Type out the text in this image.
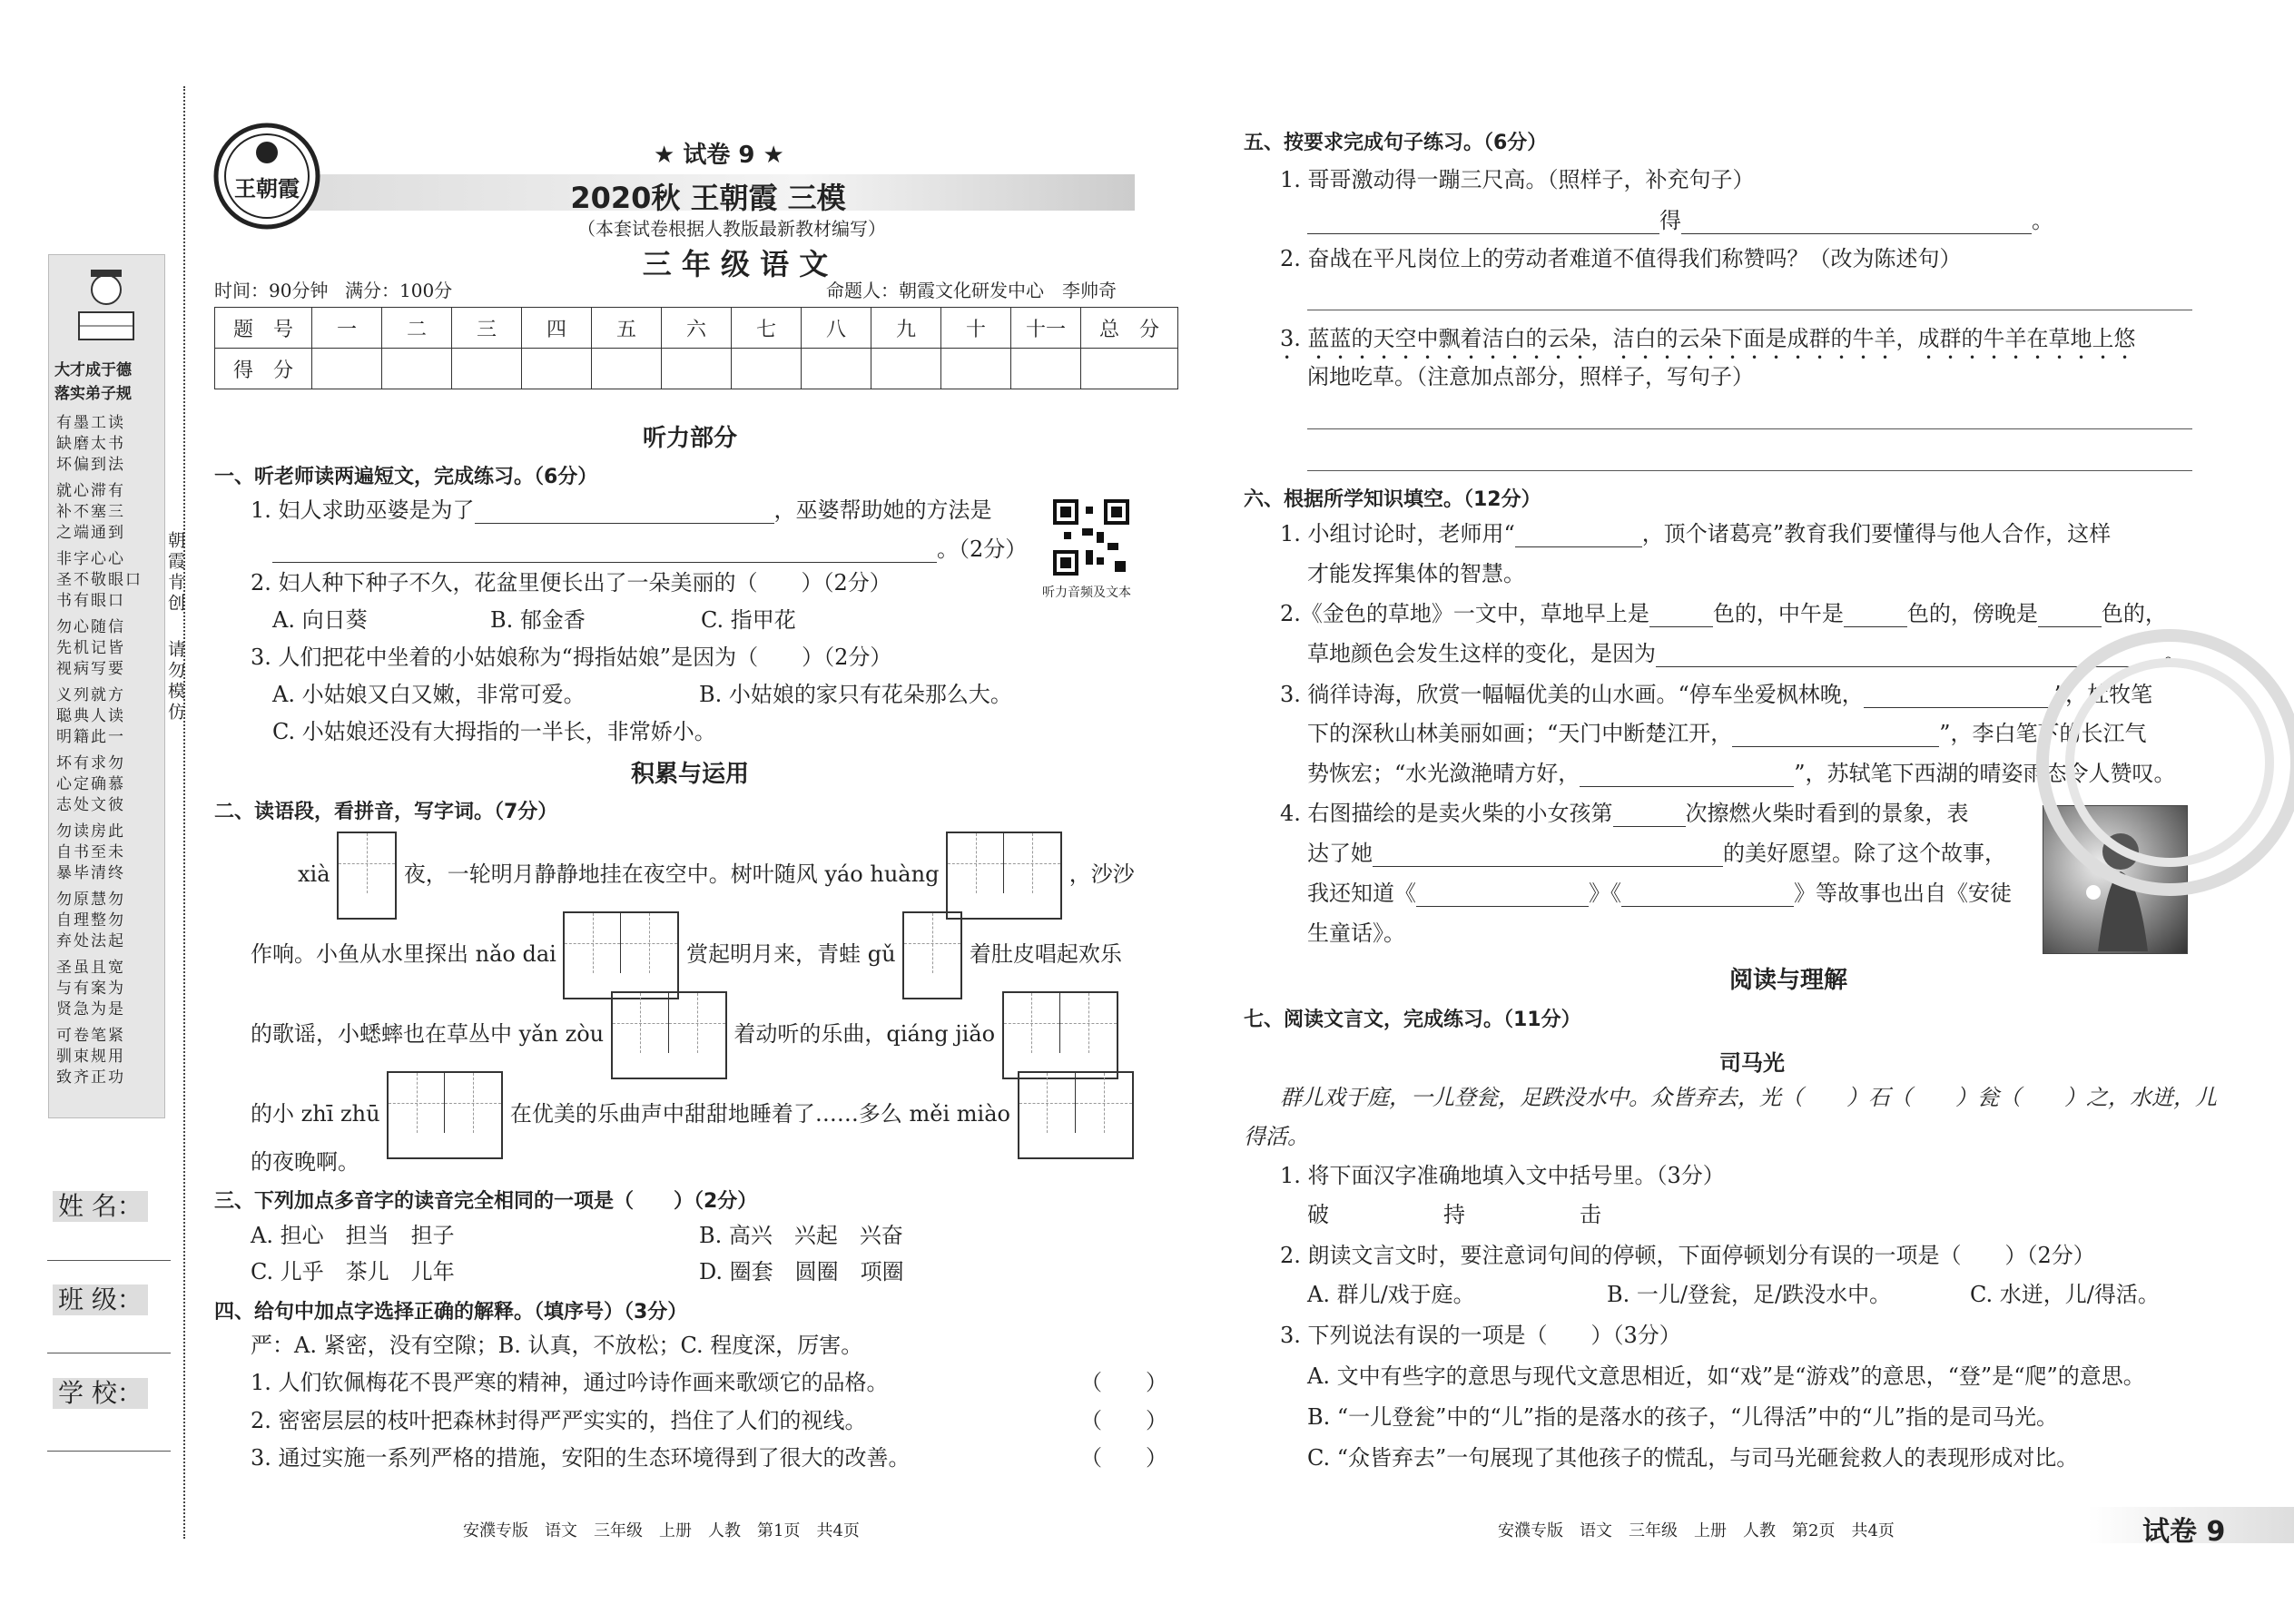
大才成于德
落实弟子规
有墨工读
缺磨太书
坏偏到法
就心滞有
补不塞三
之端通到
非字心心
圣不敬眼口
书有眼口
勿心随信
先机记皆
视病写要
义列就方
聪典人读
明籍此一
坏有求勿
心定确慕
志处文彼
勿读房此
自书至未
暴毕清终
勿原慧勿
自理整勿
弃处法起
圣虽且宽
与有案为
贤急为是
可卷笔紧
驯束规用
致齐正功
朝霞肯创
请勿模仿
姓 名：
班 级：
学 校：
王朝霞
★ 试卷 9 ★
2020秋 王朝霞 三模
（本套试卷根据人教版最新教材编写）
三 年 级 语 文
时间：90分钟 满分：100分	命题人：朝霞文化研发中心　李帅奇
题　号	一	二	三	四	五	六	七	八	九	十	十一	总　分
得　分												
听力部分
一、听老师读两遍短文，完成练习。（6分）
1. 妇人求助巫婆是为了	，巫婆帮助她的方法是
。（2分）
听力音频及文本
2. 妇人种下种子不久，花盆里便长出了一朵美丽的（　　）（2分）
A. 向日葵	B. 郁金香	C. 指甲花
3. 人们把花中坐着的小姑娘称为“拇指姑娘”是因为（　　）（2分）
A. 小姑娘又白又嫩，非常可爱。	B. 小姑娘的家只有花朵那么大。
C. 小姑娘还没有大拇指的一半长，非常娇小。
积累与运用
二、读语段，看拼音，写字词。（7分）
xià	夜，一轮明月静静地挂在夜空中。树叶随风 yáo huàng	，沙沙
作响。小鱼从水里探出 nǎo dai	赏起明月来，青蛙 gǔ	着肚皮唱起欢乐
的歌谣，小蟋蟀也在草丛中 yǎn zòu	着动听的乐曲，qiáng jiǎo
的小 zhī zhū	在优美的乐曲声中甜甜地睡着了……多么 měi miào
的夜晚啊。
三、下列加点多音字的读音完全相同的一项是（　　）（2分）
A. 担心　担当　担子	B. 高兴　兴起　兴奋
C. 儿乎　茶儿　儿年	D. 圈套　圆圈　项圈
四、给句中加点字选择正确的解释。（填序号）（3分）
严：A. 紧密，没有空隙；B. 认真，不放松；C. 程度深，厉害。
1. 人们钦佩梅花不畏严寒的精神，通过吟诗作画来歌颂它的品格。	（　　）
2. 密密层层的枝叶把森林封得严严实实的，挡住了人们的视线。	（　　）
3. 通过实施一系列严格的措施，安阳的生态环境得到了很大的改善。	（　　）
安濮专版　语文　三年级　上册　人教　第1页　共4页
五、按要求完成句子练习。（6分）
1. 哥哥激动得一蹦三尺高。（照样子，补充句子）
得	。
2. 奋战在平凡岗位上的劳动者难道不值得我们称赞吗？（改为陈述句）
3. 蓝蓝的天空中飘着洁白的云朵，洁白的云朵下面是成群的牛羊，成群的牛羊在草地上悠
闲地吃草。（注意加点部分，照样子，写句子）
六、根据所学知识填空。（12分）
1. 小组讨论时，老师用“	，顶个诸葛亮”教育我们要懂得与他人合作，这样
才能发挥集体的智慧。
2.《金色的草地》一文中，草地早上是	色的，中午是	色的，傍晚是	色的，
草地颜色会发生这样的变化，是因为	。
3. 徜徉诗海，欣赏一幅幅优美的山水画。“停车坐爱枫林晚，	”，杜牧笔
下的深秋山林美丽如画；“天门中断楚江开，	”，李白笔下的长江气
势恢宏；“水光潋滟晴方好，	”，苏轼笔下西湖的晴姿雨态令人赞叹。
4. 右图描绘的是卖火柴的小女孩第	次擦燃火柴时看到的景象，表
达了她	的美好愿望。除了这个故事，
我还知道《	》《	》等故事也出自《安徒
生童话》。
阅读与理解
七、阅读文言文，完成练习。（11分）
司马光
群儿戏于庭，一儿登瓮，足跌没水中。众皆弃去，光（　　）石（　　）瓮（　　）之，水迸，儿
得活。
1. 将下面汉字准确地填入文中括号里。（3分）
破	持	击
2. 朗读文言文时，要注意词句间的停顿，下面停顿划分有误的一项是（　　）（2分）
A. 群儿/戏于庭。	B. 一儿/登瓮，足/跌没水中。	C. 水迸，儿/得活。
3. 下列说法有误的一项是（　　）（3分）
A. 文中有些字的意思与现代文意思相近，如“戏”是“游戏”的意思，“登”是“爬”的意思。
B. “一儿登瓮”中的“儿”指的是落水的孩子，“儿得活”中的“儿”指的是司马光。
C. “众皆弃去”一句展现了其他孩子的慌乱，与司马光砸瓮救人的表现形成对比。
安濮专版　语文　三年级　上册　人教　第2页　共4页	试卷 9
